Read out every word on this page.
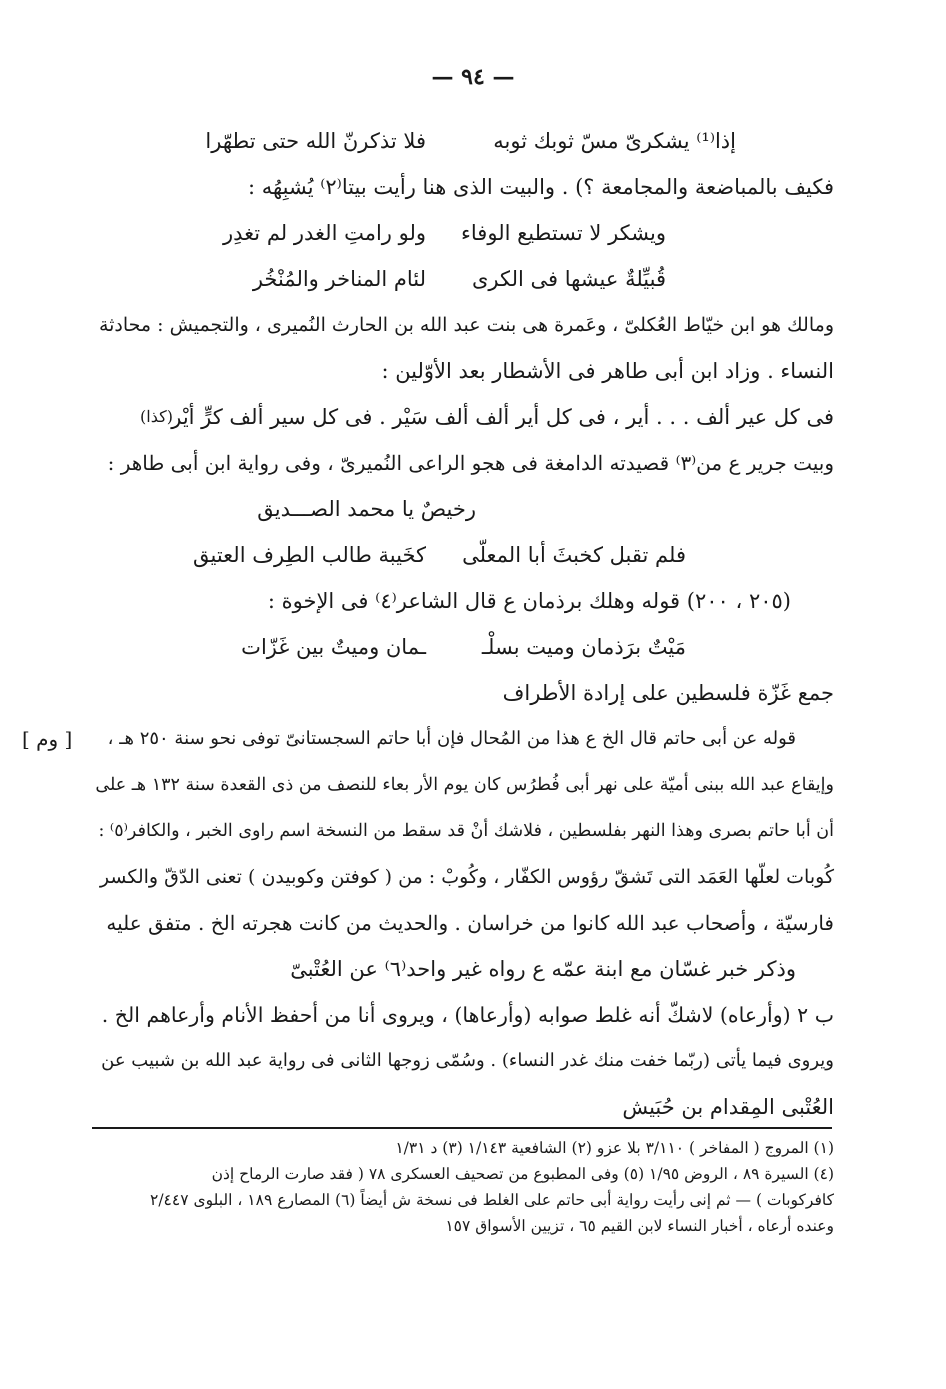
— ٩٤ —
إذا⁽¹⁾ يشكرىّ مسّ ثوبك ثوبه
فلا تذكرنّ الله حتى تطهّرا
فكيف بالمباضعة والمجامعة ؟) . والبيت الذى هنا رأيت بيتا⁽٢⁾ يُشبِهُه :
ويشكر لا تستطيع الوفاء
ولو رامتِ الغدر لم تغدِر
قُبيِّلةٌ عيشها فى الكرى
لئام المناخر والمُنْخُر
ومالك هو ابن خيّاط العُكلىّ ، وعَمرة هى بنت عبد الله بن الحارث النُميرى ، والتجميش : محادثة
النساء . وزاد ابن أبى طاهر فى الأشطار بعد الأوّلين :
فى كل عير ألف . . . أير ، فى كل أير ألف ألف سَيْر . فى كل سير ألف كرٍّ أيْر
(كذا)
وبيت جرير ع من⁽٣⁾ قصيدته الدامغة فى هجو الراعى النُميرىّ ، وفى رواية ابن أبى طاهر :
رخيصٌ يا محمد الصـــديق
فلم تقبل كخبثَ أبا المعلّى
كخَيبة طالب الطِرف العتيق
(٢٠٥ ، ٢٠٠) قوله وهلك برذمان ع قال الشاعر⁽٤⁾ فى الإخوة :
مَيْتٌ برَذمان وميت بسلْـ
ـمان وميتٌ بين غَزّات
جمع غَزّة فلسطين على إرادة الأطراف
[ وم ] قوله عن أبى حاتم قال الخ ع هذا من المُحال فإن أبا حاتم السجستانىّ توفى نحو سنة ٢٥٠ هـ ،
وإيقاع عبد الله ببنى أميّة على نهر أبى فُطرُس كان يوم الأر بعاء للنصف من ذى القعدة سنة ١٣٢ هـ على
أن أبا حاتم بصرى وهذا النهر بفلسطين ، فلاشك أنْ قد سقط من النسخة اسم راوى الخبر ، والكافر⁽٥⁾ :
كُوبات لعلّها العَمَد التى تَشقّ رؤوس الكفّار ، وكُوبْ : من ( كوفتن وكوبيدن ) تعنى الدّقّ والكسر
فارسيّة ، وأصحاب عبد الله كانوا من خراسان . والحديث من كانت هجرته الخ . متفق عليه
وذكر خبر غسّان مع ابنة عمّه ع رواه غير واحد⁽٦⁾ عن العُتْبىّ
ب ٢ (وأرعاه) لاشكّ أنه غلط صوابه (وأرعاها) ، ويروى أنا من أحفظ الأنام وأرعاهم الخ .
ويروى فيما يأتى (ربّما خفت منك غدر النساء) . وسُمّى زوجها الثانى فى رواية عبد الله بن شبيب عن
العُتْبى المِقدام بن حُبَيش
(١) المروج ( المفاخر ) ٣/١١٠ بلا عزو (٢) الشافعية ١/١٤٣ (٣) د ١/٣١
(٤) السيرة ٨٩ ، الروض ١/٩٥ (٥) وفى المطبوع من تصحيف العسكرى ٧٨ ( فقد صارت الرماح إذن
كافركوبات ) — ثم إنى رأيت رواية أبى حاتم على الغلط فى نسخة ش أيضاً (٦) المصارع ١٨٩ ، البلوى ٢/٤٤٧
وعنده أرعاه ، أخبار النساء لابن القيم ٦٥ ، تزيين الأسواق ١٥٧
